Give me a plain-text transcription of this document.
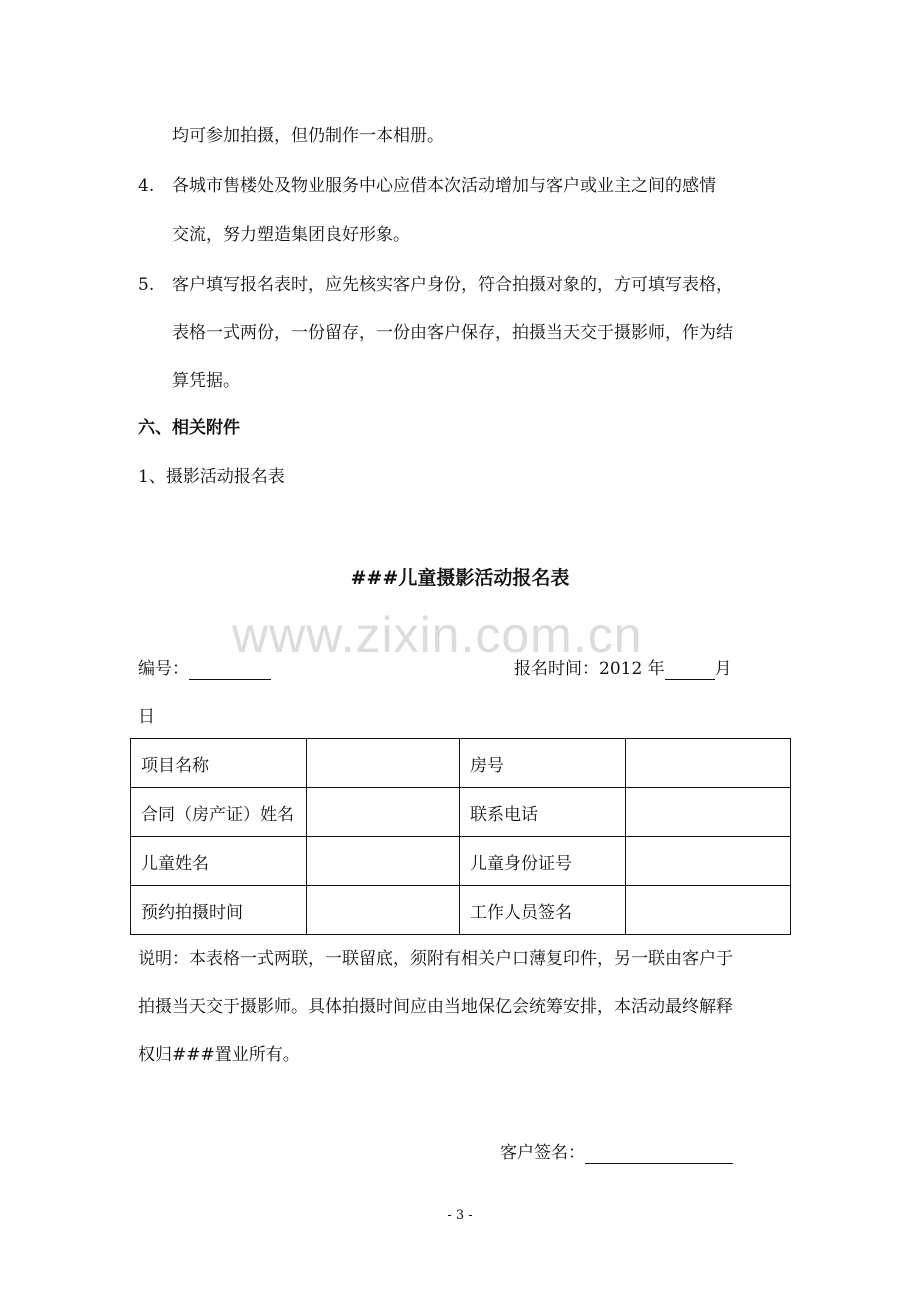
www.zixin.com.cn
均可参加拍摄，但仍制作一本相册。
4. 各城市售楼处及物业服务中心应借本次活动增加与客户或业主之间的感情
交流，努力塑造集团良好形象。
5. 客户填写报名表时，应先核实客户身份，符合拍摄对象的，方可填写表格，
表格一式两份，一份留存，一份由客户保存，拍摄当天交于摄影师，作为结
算凭据。
六、相关附件
1、摄影活动报名表
###儿童摄影活动报名表
编号：	报名时间：2012 年	月
日
项目名称		房号	
合同（房产证）姓名		联系电话	
儿童姓名		儿童身份证号	
预约拍摄时间		工作人员签名	
说明：本表格一式两联，一联留底，须附有相关户口薄复印件，另一联由客户于
拍摄当天交于摄影师。具体拍摄时间应由当地保亿会统筹安排，本活动最终解释
权归###置业所有。
客户签名：
- 3 -
